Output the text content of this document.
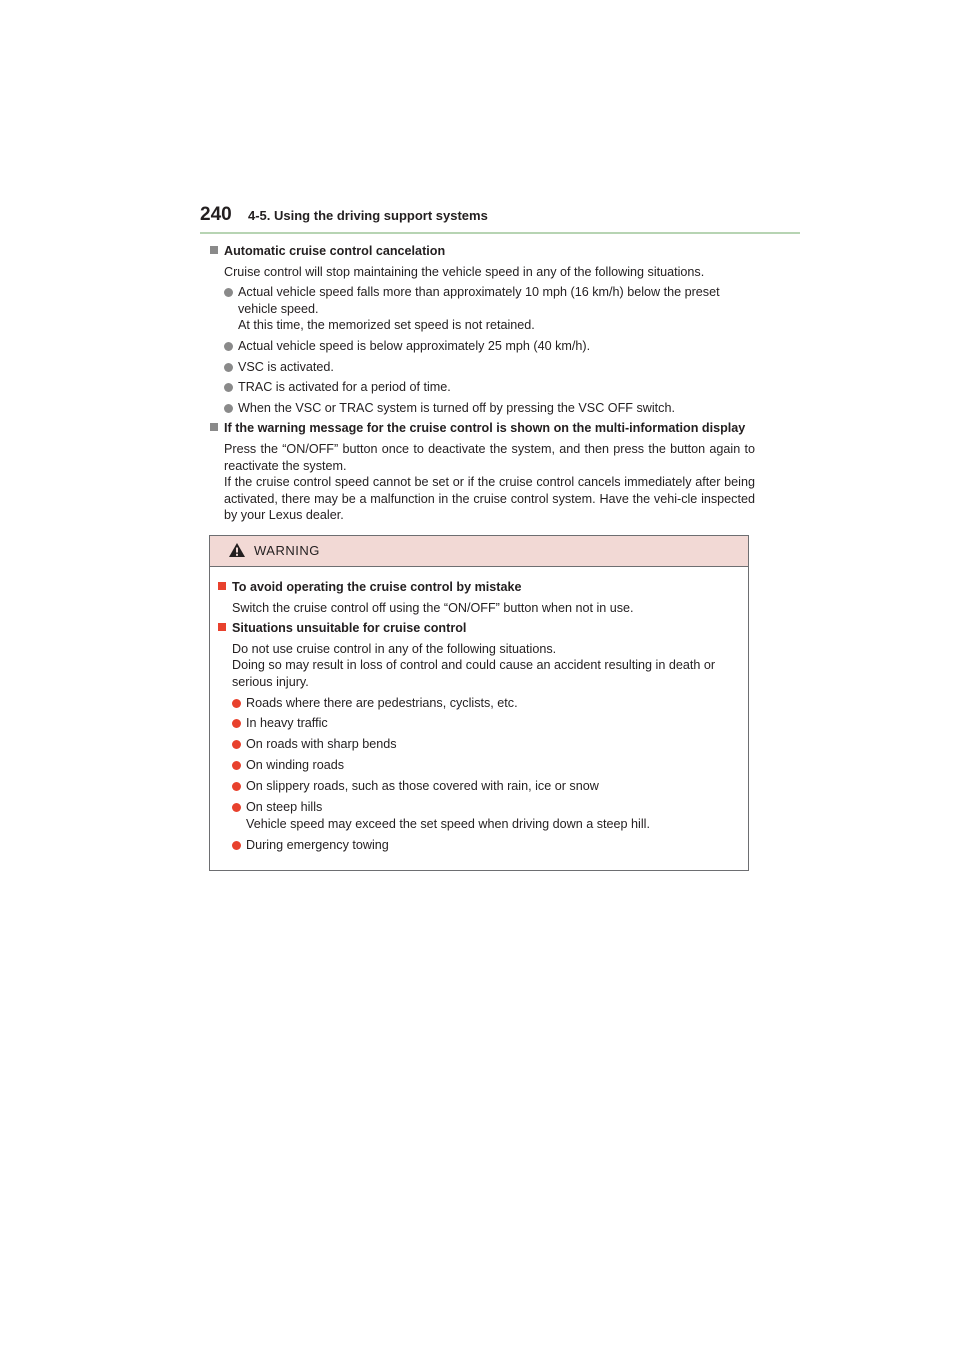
240 4-5. Using the driving support systems
Automatic cruise control cancelation

Cruise control will stop maintaining the vehicle speed in any of the following situations.

Actual vehicle speed falls more than approximately 10 mph (16 km/h) below the preset
vehicle speed.
At this time, the memorized set speed is not retained.
Actual vehicle speed is below approximately 25 mph (40 km/h).
VSC is activated.
TRAC is activated for a period of time.
When the VSC or TRAC system is turned off by pressing the VSC OFF switch.
If the warning message for the cruise control is shown on the multi-information display

Press the “ON/OFF” button once to deactivate the system, and then press the button again to reactivate the system.

If the cruise control speed cannot be set or if the cruise control cancels immediately after being activated, there may be a malfunction in the cruise control system. Have the vehi-cle inspected by your Lexus dealer.

WARNING
To avoid operating the cruise control by mistake

Switch the cruise control off using the “ON/OFF” button when not in use.

Situations unsuitable for cruise control

Do not use cruise control in any of the following situations.

Doing so may result in loss of control and could cause an accident resulting in death or serious injury.

Roads where there are pedestrians, cyclists, etc.
In heavy traffic
On roads with sharp bends
On winding roads
On slippery roads, such as those covered with rain, ice or snow
On steep hills
Vehicle speed may exceed the set speed when driving down a steep hill.
During emergency towing
